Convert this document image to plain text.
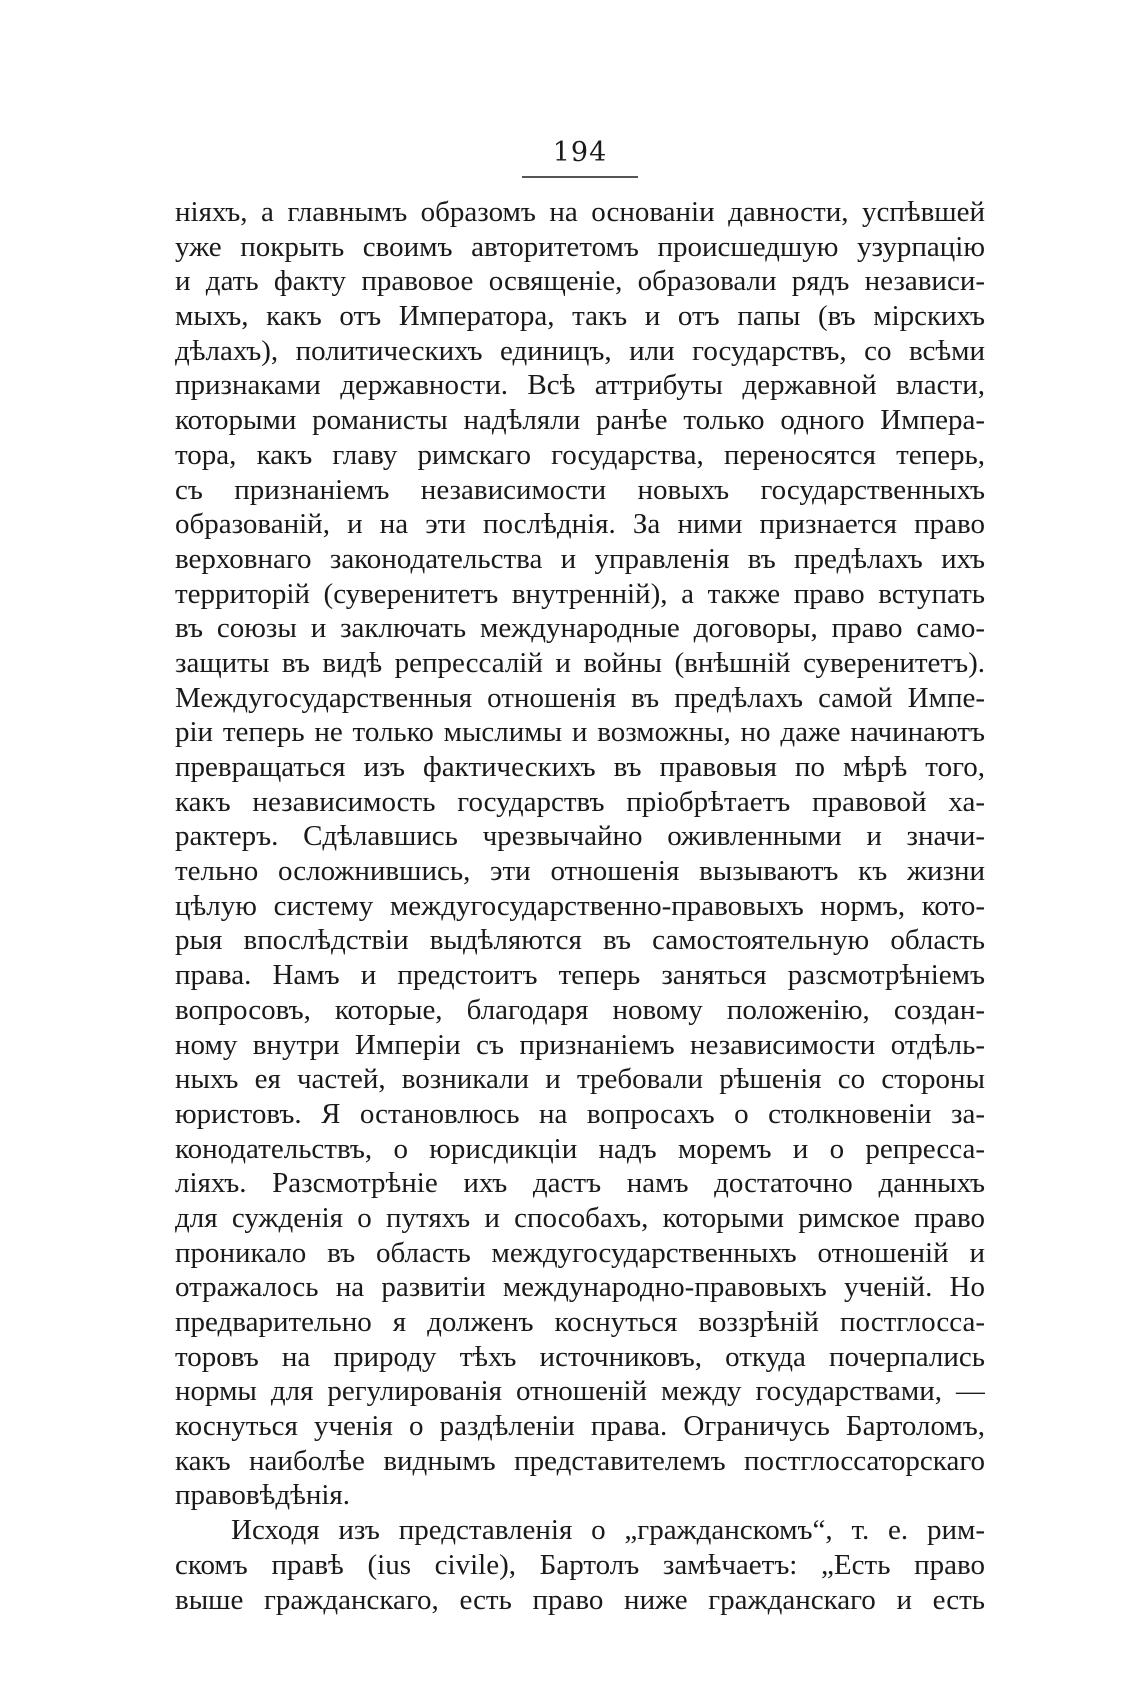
194
нiяхъ, а главнымъ образомъ на основанiи давности, успѣвшей
уже покрыть своимъ авторитетомъ происшедшую узурпацiю
и дать факту правовое освященiе, образовали рядъ независи-
мыхъ, какъ отъ Императора, такъ и отъ папы (въ мiрскихъ
дѣлахъ), политическихъ единицъ, или государствъ, со всѣми
признаками державности. Всѣ аттрибуты державной власти,
которыми романисты надѣляли ранѣе только одного Импера-
тора, какъ главу римскаго государства, переносятся теперь,
съ признанiемъ независимости новыхъ государственныхъ
образованiй, и на эти послѣднiя. За ними признается право
верховнаго законодательства и управленiя въ предѣлахъ ихъ
территорiй (суверенитетъ внутреннiй), а также право вступать
въ союзы и заключать международные договоры, право само-
защиты въ видѣ репрессалiй и войны (внѣшнiй суверенитетъ).
Междугосударственныя отношенiя въ предѣлахъ самой Импе-
рiи теперь не только мыслимы и возможны, но даже начинаютъ
превращаться изъ фактическихъ въ правовыя по мѣрѣ того,
какъ независимость государствъ прiобрѣтаетъ правовой ха-
рактеръ. Сдѣлавшись чрезвычайно оживленными и значи-
тельно осложнившись, эти отношенiя вызываютъ къ жизни
цѣлую систему междугосударственно-правовыхъ нормъ, кото-
рыя впослѣдствiи выдѣляются въ самостоятельную область
права. Намъ и предстоитъ теперь заняться разсмотрѣнiемъ
вопросовъ, которые, благодаря новому положенiю, создан-
ному внутри Имперiи съ признанiемъ независимости отдѣль-
ныхъ ея частей, возникали и требовали рѣшенiя со стороны
юристовъ. Я остановлюсь на вопросахъ о столкновенiи за-
конодательствъ, о юрисдикцiи надъ моремъ и о репресса-
лiяхъ. Разсмотрѣнiе ихъ дастъ намъ достаточно данныхъ
для сужденiя о путяхъ и способахъ, которыми римское право
проникало въ область междугосударственныхъ отношенiй и
отражалось на развитiи международно-правовыхъ ученiй. Но
предварительно я долженъ коснуться воззрѣнiй постглосса-
торовъ на природу тѣхъ источниковъ, откуда почерпались
нормы для регулированiя отношенiй между государствами, —
коснуться ученiя о раздѣленiи права. Ограничусь Бартоломъ,
какъ наиболѣе виднымъ представителемъ постглоссаторскаго
правовѣдѣнiя.
Исходя изъ представленiя о „гражданскомъ“, т. е. рим-
скомъ правѣ (ius civile), Бартолъ замѣчаетъ: „Есть право
выше гражданскаго, есть право ниже гражданскаго и есть
